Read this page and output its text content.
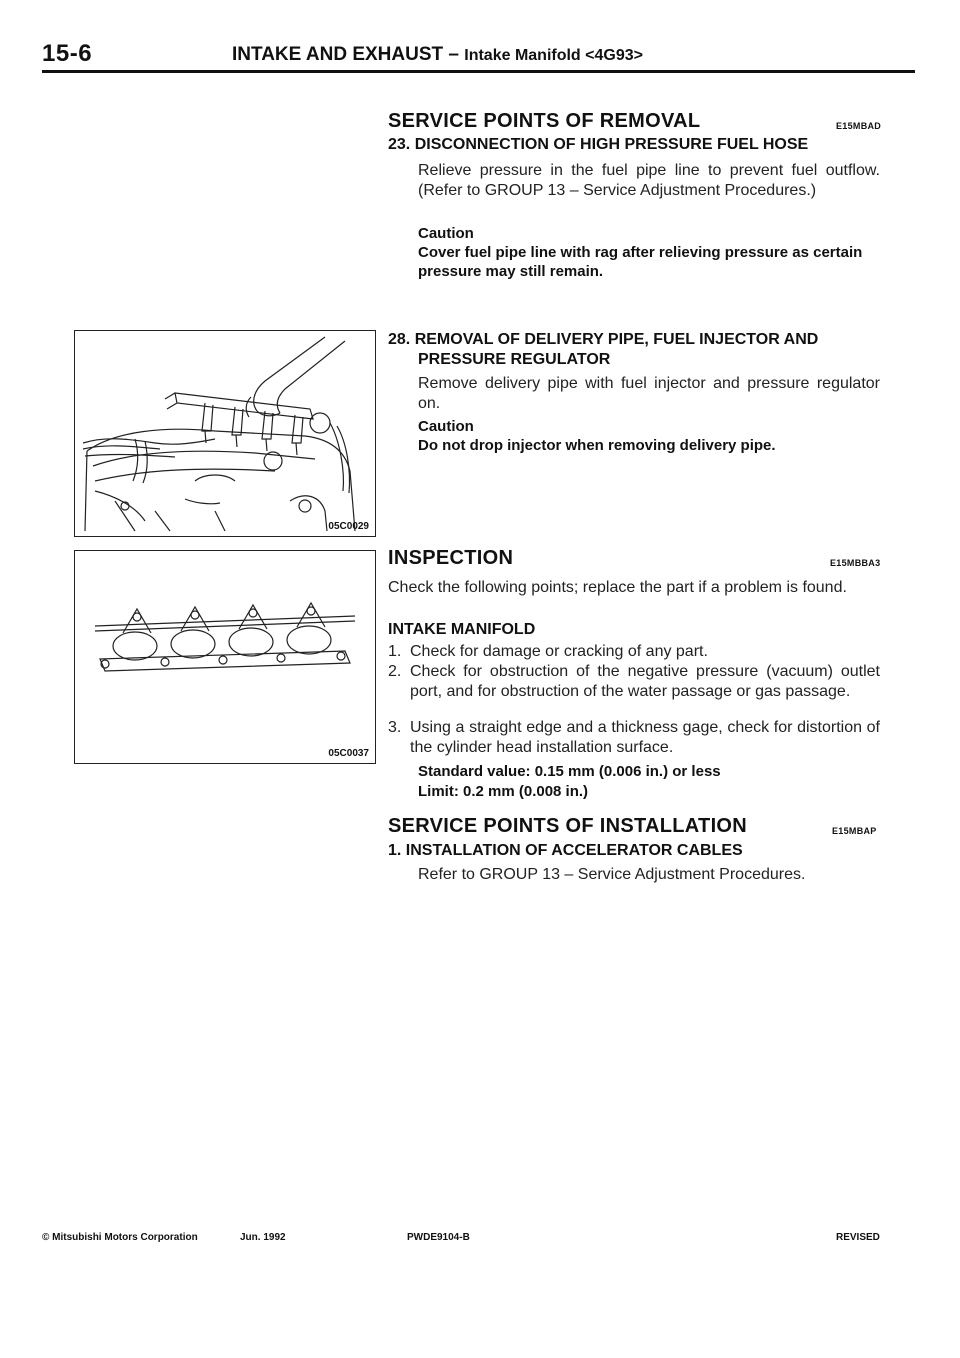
15-6	INTAKE AND EXHAUST – Intake Manifold <4G93>
SERVICE POINTS OF REMOVAL	E15MBAD
23. DISCONNECTION OF HIGH PRESSURE FUEL HOSE
Relieve pressure in the fuel pipe line to prevent fuel outflow. (Refer to GROUP 13 – Service Adjustment Procedures.)
Caution
Cover fuel pipe line with rag after relieving pressure as certain pressure may still remain.
28. REMOVAL OF DELIVERY PIPE, FUEL INJECTOR AND
PRESSURE REGULATOR
Remove delivery pipe with fuel injector and pressure regulator on.
Caution
Do not drop injector when removing delivery pipe.
05C0029
05C0037
INSPECTION	E15MBBA3
Check the following points; replace the part if a problem is found.
INTAKE MANIFOLD
1. Check for damage or cracking of any part.
2. Check for obstruction of the negative pressure (vacuum) outlet port, and for obstruction of the water passage or gas passage.
3. Using a straight edge and a thickness gage, check for distortion of the cylinder head installation surface.
Standard value: 0.15 mm (0.006 in.) or less
Limit: 0.2 mm (0.008 in.)
SERVICE POINTS OF INSTALLATION	E15MBAP
1. INSTALLATION OF ACCELERATOR CABLES
Refer to GROUP 13 – Service Adjustment Procedures.
© Mitsubishi Motors Corporation	Jun. 1992	PWDE9104-B	REVISED
